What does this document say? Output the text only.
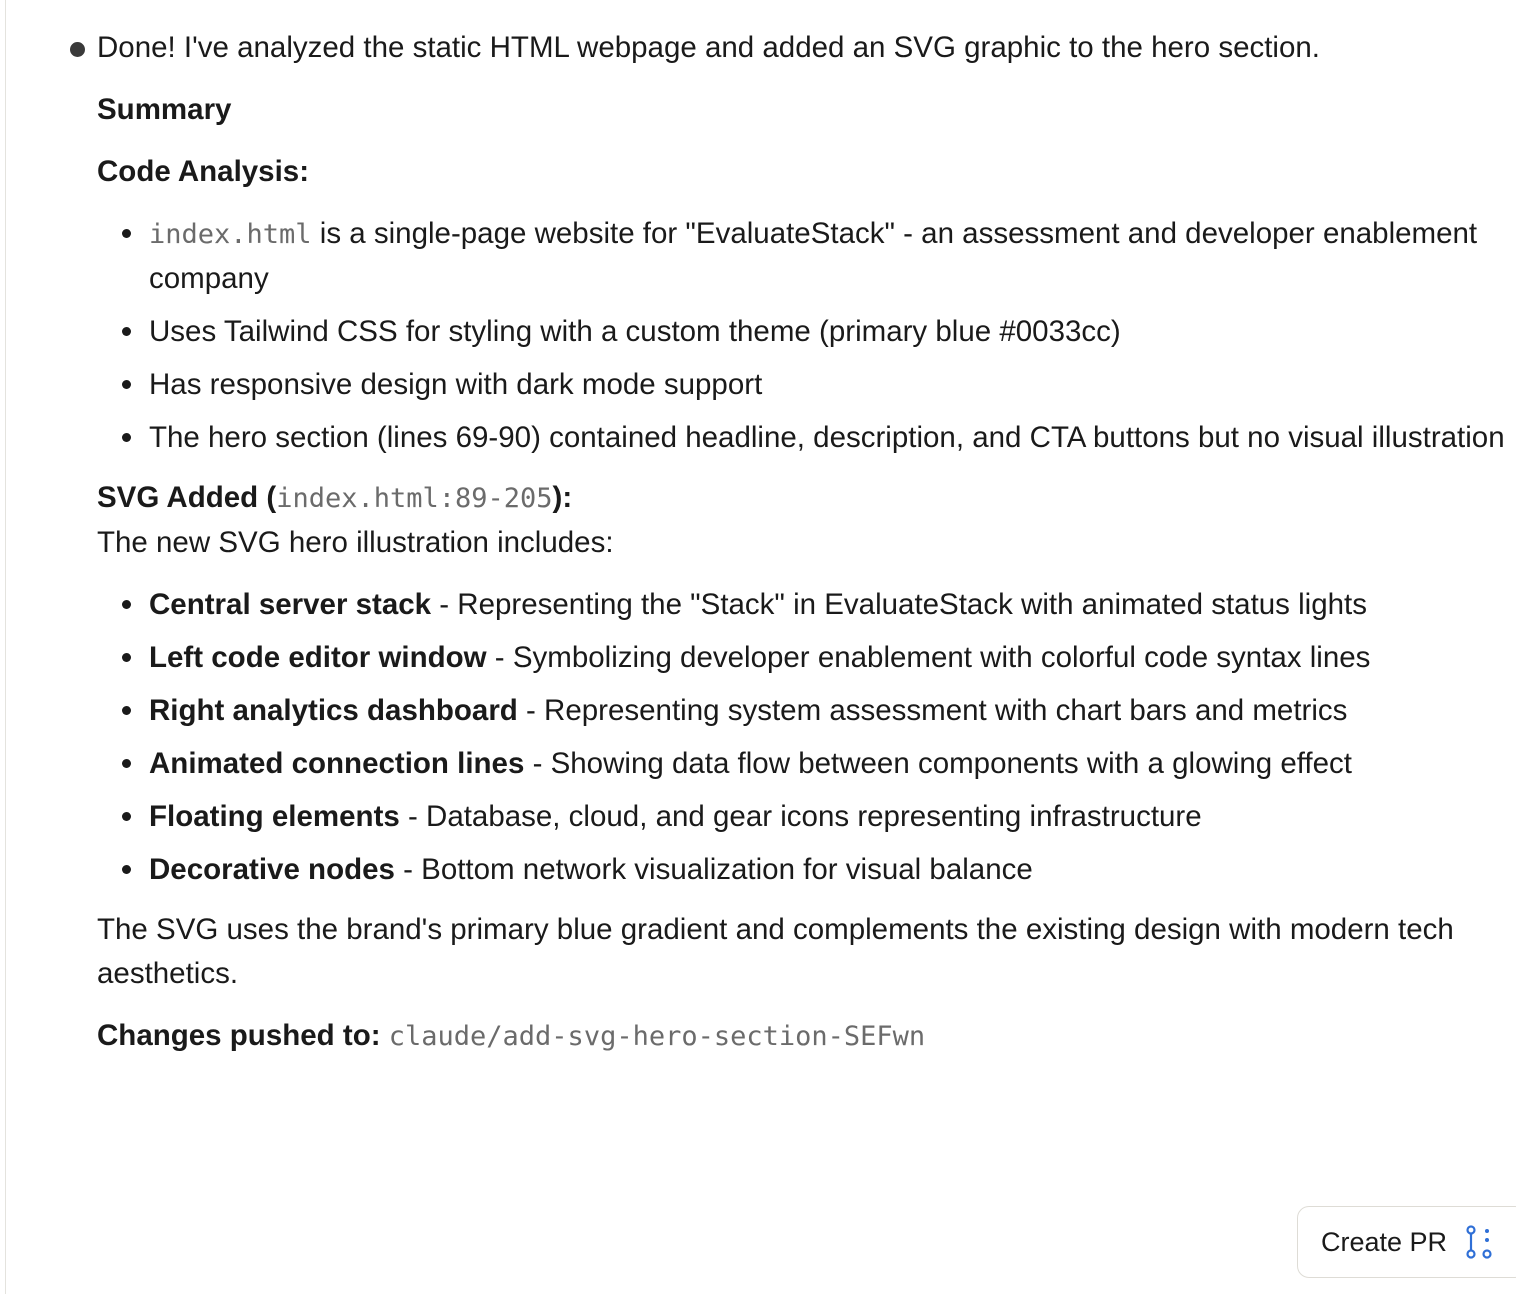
Done! I've analyzed the static HTML webpage and added an SVG graphic to the hero section.
Summary
Code Analysis:
index.html is a single-page website for "EvaluateStack" - an assessment and developer enablement company
Uses Tailwind CSS for styling with a custom theme (primary blue #0033cc)
Has responsive design with dark mode support
The hero section (lines 69-90) contained headline, description, and CTA buttons but no visual illustration
SVG Added (index.html:89-205):
The new SVG hero illustration includes:
Central server stack - Representing the "Stack" in EvaluateStack with animated status lights
Left code editor window - Symbolizing developer enablement with colorful code syntax lines
Right analytics dashboard - Representing system assessment with chart bars and metrics
Animated connection lines - Showing data flow between components with a glowing effect
Floating elements - Database, cloud, and gear icons representing infrastructure
Decorative nodes - Bottom network visualization for visual balance
The SVG uses the brand's primary blue gradient and complements the existing design with modern tech aesthetics.
Changes pushed to: claude/add-svg-hero-section-SEFwn
Create PR
